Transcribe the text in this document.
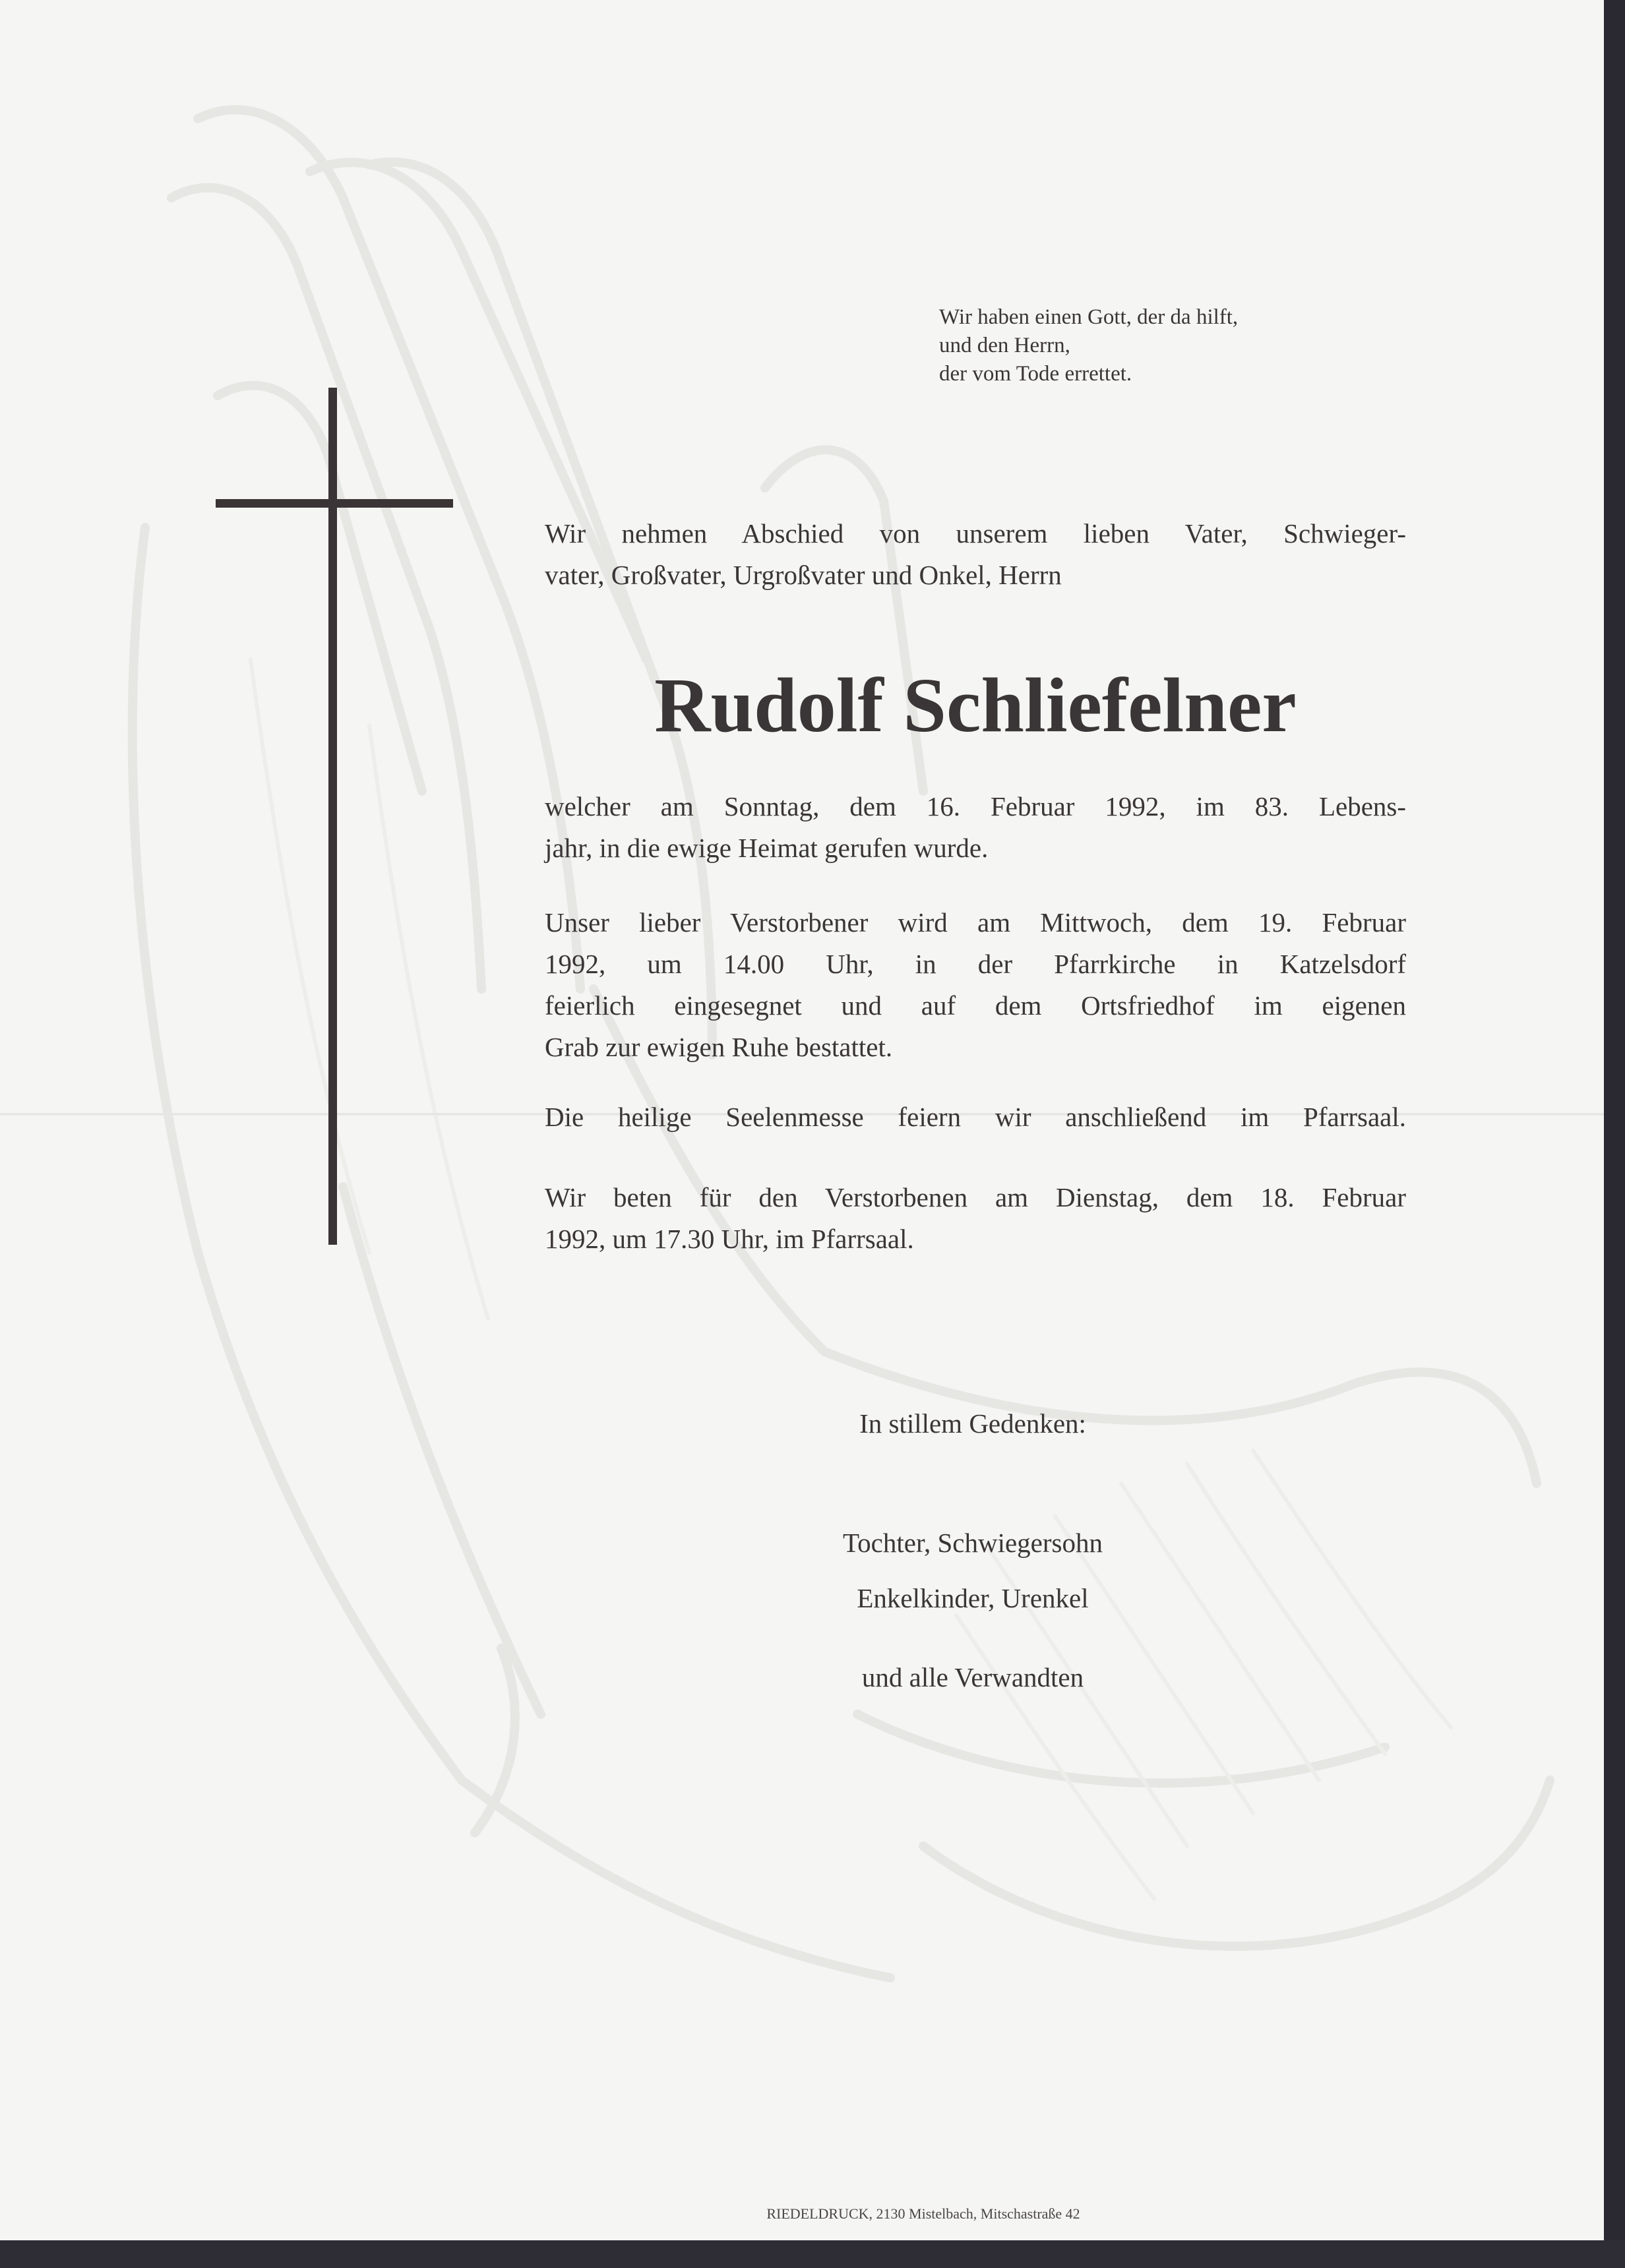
Wir haben einen Gott, der da hilft,
und den Herrn,
der vom Tode errettet.
Wir nehmen Abschied von unserem lieben Vater, Schwieger-
vater, Großvater, Urgroßvater und Onkel, Herrn
Rudolf Schliefelner
welcher am Sonntag, dem 16. Februar 1992, im 83. Lebens-
jahr, in die ewige Heimat gerufen wurde.
Unser lieber Verstorbener wird am Mittwoch, dem 19. Februar
1992, um 14.00 Uhr, in der Pfarrkirche in Katzelsdorf
feierlich eingesegnet und auf dem Ortsfriedhof im eigenen
Grab zur ewigen Ruhe bestattet.
Die heilige Seelenmesse feiern wir anschließend im Pfarrsaal.
Wir beten für den Verstorbenen am Dienstag, dem 18. Februar
1992, um 17.30 Uhr, im Pfarrsaal.
In stillem Gedenken:
Tochter, Schwiegersohn
Enkelkinder, Urenkel
und alle Verwandten
RIEDELDRUCK, 2130 Mistelbach, Mitschastraße 42
